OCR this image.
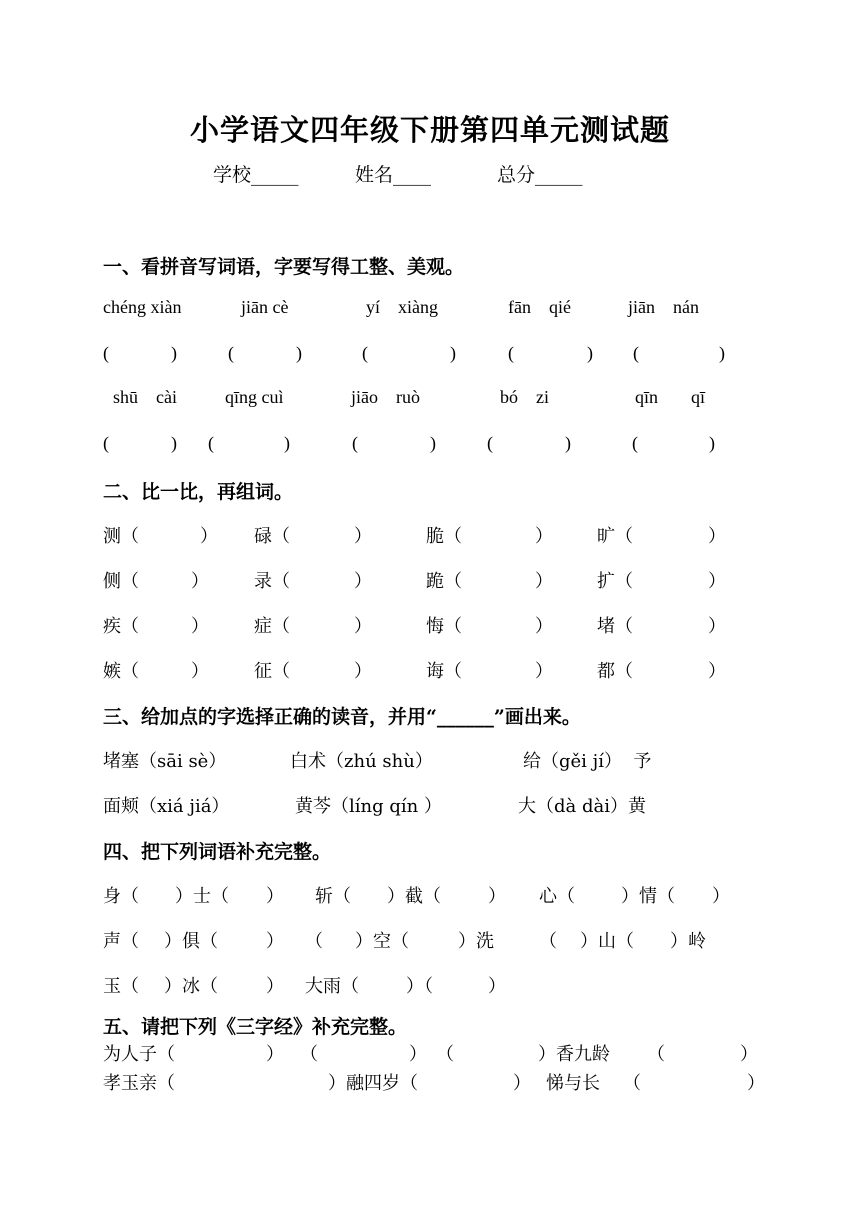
小学语文四年级下册第四单元测试题
学校_____	姓名____	总分_____
一、看拼音写词语，字要写得工整、美观。
chéng xiàn	jiān cè	yí    xiàng	fān    qié	jiān    nán
(	)	(	)	(	)	(	) (	)
shū    cài	qīng cuì	jiāo    ruò	bó    zi	qīn qī
(	) (	)	(	)	(	)	(	)
二、比一比，再组词。
测（	） 碌（	）	脆（	） 旷（	）
侧（	）	录（	）	跪（	） 扩（	）
疾（	）	症（	）	悔（	） 堵（	）
嫉（	）	征（	）	诲（	） 都（	）
三、给加点的字选择正确的读音，并用“______”画出来。
堵塞（sāi sè）	白术（zhú shù）	给（gěi jí）  予
面颊（xiá jiá）	黄芩（líng qín ）	大（dà dài）黄
四、把下列词语补充完整。
身（ ）士（ ） 斩（ ）截（	） 心（	）情（ ）
声（ ）俱（	） （ ）空（	）洗	（ ）山（ ）岭
玉（ ）冰（	） 大雨（	）（	）
五、请把下列《三字经》补充完整。
为人子（	） （	） （	）香九龄 （	）
孝玉亲（	）融四岁（	） 悌与长 （	）
